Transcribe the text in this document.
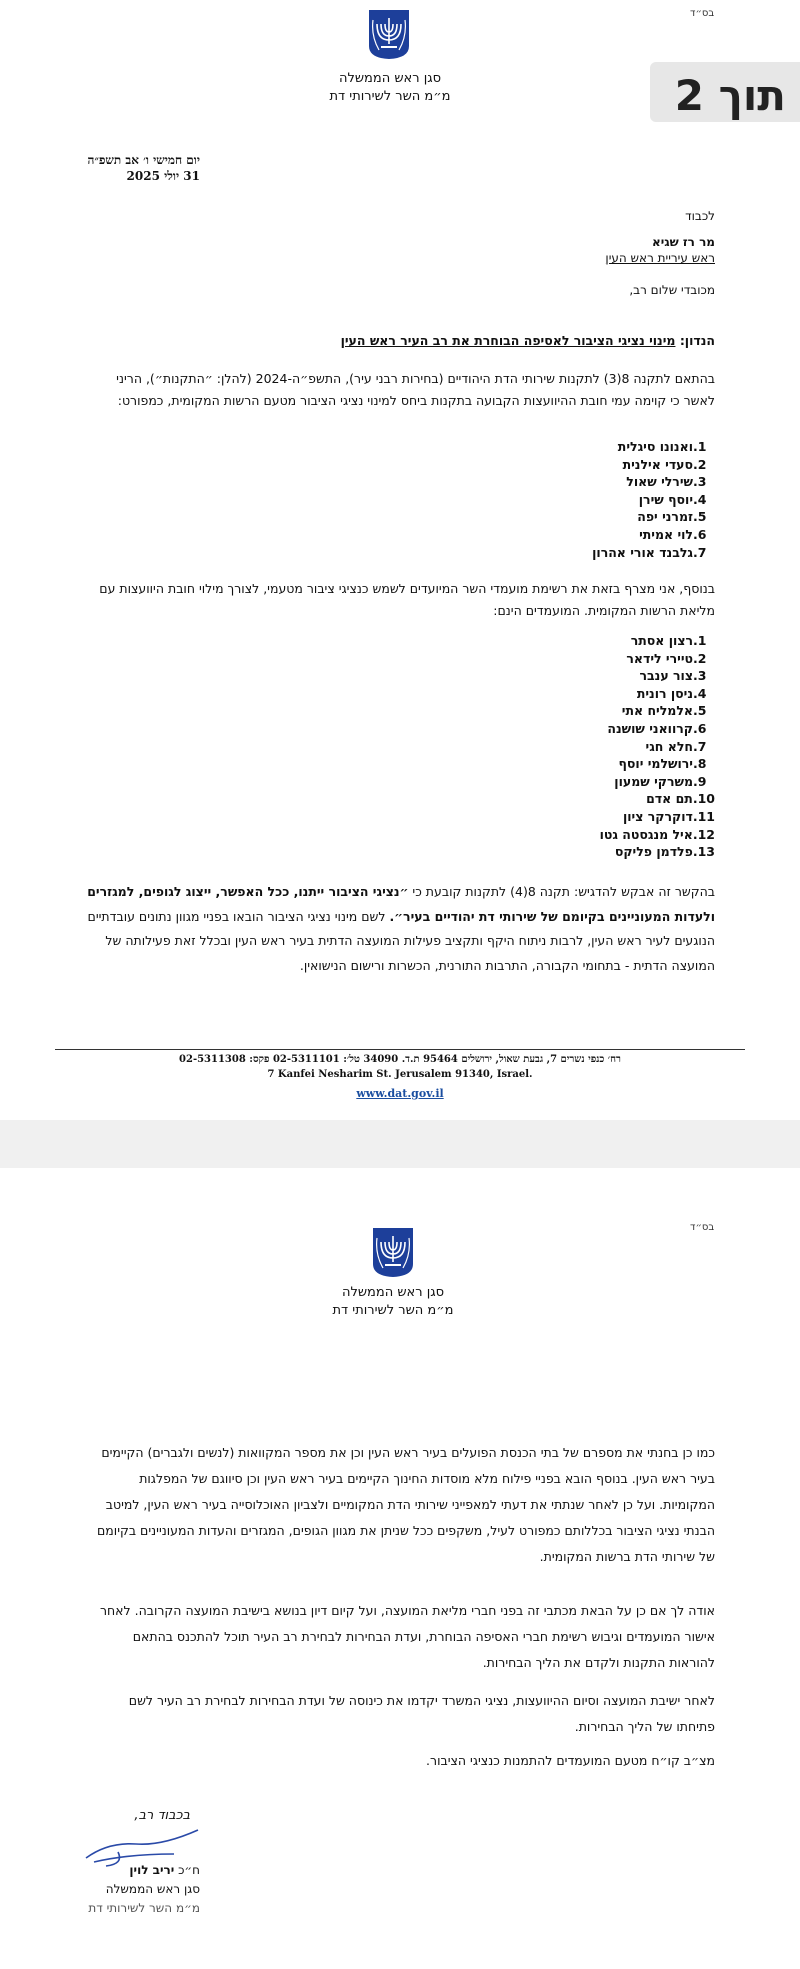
בס״ד
סגן ראש הממשלה
מ״מ השר לשירותי דת	תוך 2
יום חמישי ו׳ אב תשפ״ה
31 יולי 2025
לכבוד
מר רז שגיא
ראש עיריית ראש העין
מכובדי שלום רב,
הנדון: מינוי נציגי הציבור לאסיפה הבוחרת את רב העיר ראש העין
בהתאם לתקנה 8(3) לתקנות שירותי הדת היהודיים (בחירות רבני עיר), התשפ״ה-2024 (להלן: ״התקנות״), הריני לאשר כי קוימה עמי חובת ההיוועצות הקבועה בתקנות ביחס למינוי נציגי הציבור מטעם הרשות המקומית, כמפורט:
1.ואנונו סיגלית
2.סעדי אילנית
3.שירלי שאול
4.יוסף שירן
5.זמרני יפה
6.לוי אמיתי
7.גלבנד אורי אהרון
בנוסף, אני מצרף בזאת את רשימת מועמדי השר המיועדים לשמש כנציגי ציבור מטעמי, לצורך מילוי חובת היוועצות עם מליאת הרשות המקומית. המועמדים הינם:
1.רצון אסתר
2.טיירי לידאר
3.צור ענבר
4.ניסן רונית
5.אלמליח אתי
6.קרוואני שושנה
7.חלא חגי
8.ירושלמי יוסף
9.משרקי שמעון
10.תם אדם
11.דוקרקר ציון
12.איל מנגסטה גטו
13.פלדמן פליקס
בהקשר זה אבקש להדגיש: תקנה 8(4) לתקנות קובעת כי ״נציגי הציבור ייתנו, ככל האפשר, ייצוג לגופים, למגזרים ולעדות המעוניינים בקיומם של שירותי דת יהודיים בעיר״. לשם מינוי נציגי הציבור הובאו בפניי מגוון נתונים עובדתיים הנוגעים לעיר ראש העין, לרבות ניתוח היקף ותקציב פעילות המועצה הדתית בעיר ראש העין ובכלל זאת פעילותה של המועצה הדתית - בתחומי הקבורה, התרבות התורנית, הכשרות ורישום הנישואין.
רח׳ כנפי נשרים 7, גבעת שאול, ירושלים 95464 ת.ד. 34090 טל׳: 02-5311101 פקס: 02-5311308
7 Kanfei Nesharim St. Jerusalem 91340, Israel.
www.dat.gov.il
בס״ד
סגן ראש הממשלה
מ״מ השר לשירותי דת
כמו כן בחנתי את מספרם של בתי הכנסת הפועלים בעיר ראש העין וכן את מספר המקוואות (לנשים ולגברים) הקיימים בעיר ראש העין. בנוסף הובא בפניי פילוח מלא מוסדות החינוך הקיימים בעיר ראש העין וכן סיווגם של המפלגות המקומיות. ועל כן לאחר שנתתי את דעתי למאפייני שירותי הדת המקומיים ולצביון האוכלוסייה בעיר ראש העין, למיטב הבנתי נציגי הציבור בכללותם כמפורט לעיל, משקפים ככל שניתן את מגוון הגופים, המגזרים והעדות המעוניינים בקיומם של שירותי הדת ברשות המקומית.
אודה לך אם כן על הבאת מכתבי זה בפני חברי מליאת המועצה, ועל קיום דיון בנושא בישיבת המועצה הקרובה. לאחר אישור המועמדים וגיבוש רשימת חברי האסיפה הבוחרת, ועדת הבחירות לבחירת רב העיר תוכל להתכנס בהתאם להוראות התקנות ולקדם את הליך הבחירות.
לאחר ישיבת המועצה וסיום ההיוועצות, נציגי המשרד יקדמו את כינוסה של ועדת הבחירות לבחירת רב העיר לשם פתיחתו של הליך הבחירות.
מצ״ב קו״ח מטעם המועמדים להתמנות כנציגי הציבור.
בכבוד רב,
ח״כ יריב לוין
סגן ראש הממשלה
מ״מ השר לשירותי דת
